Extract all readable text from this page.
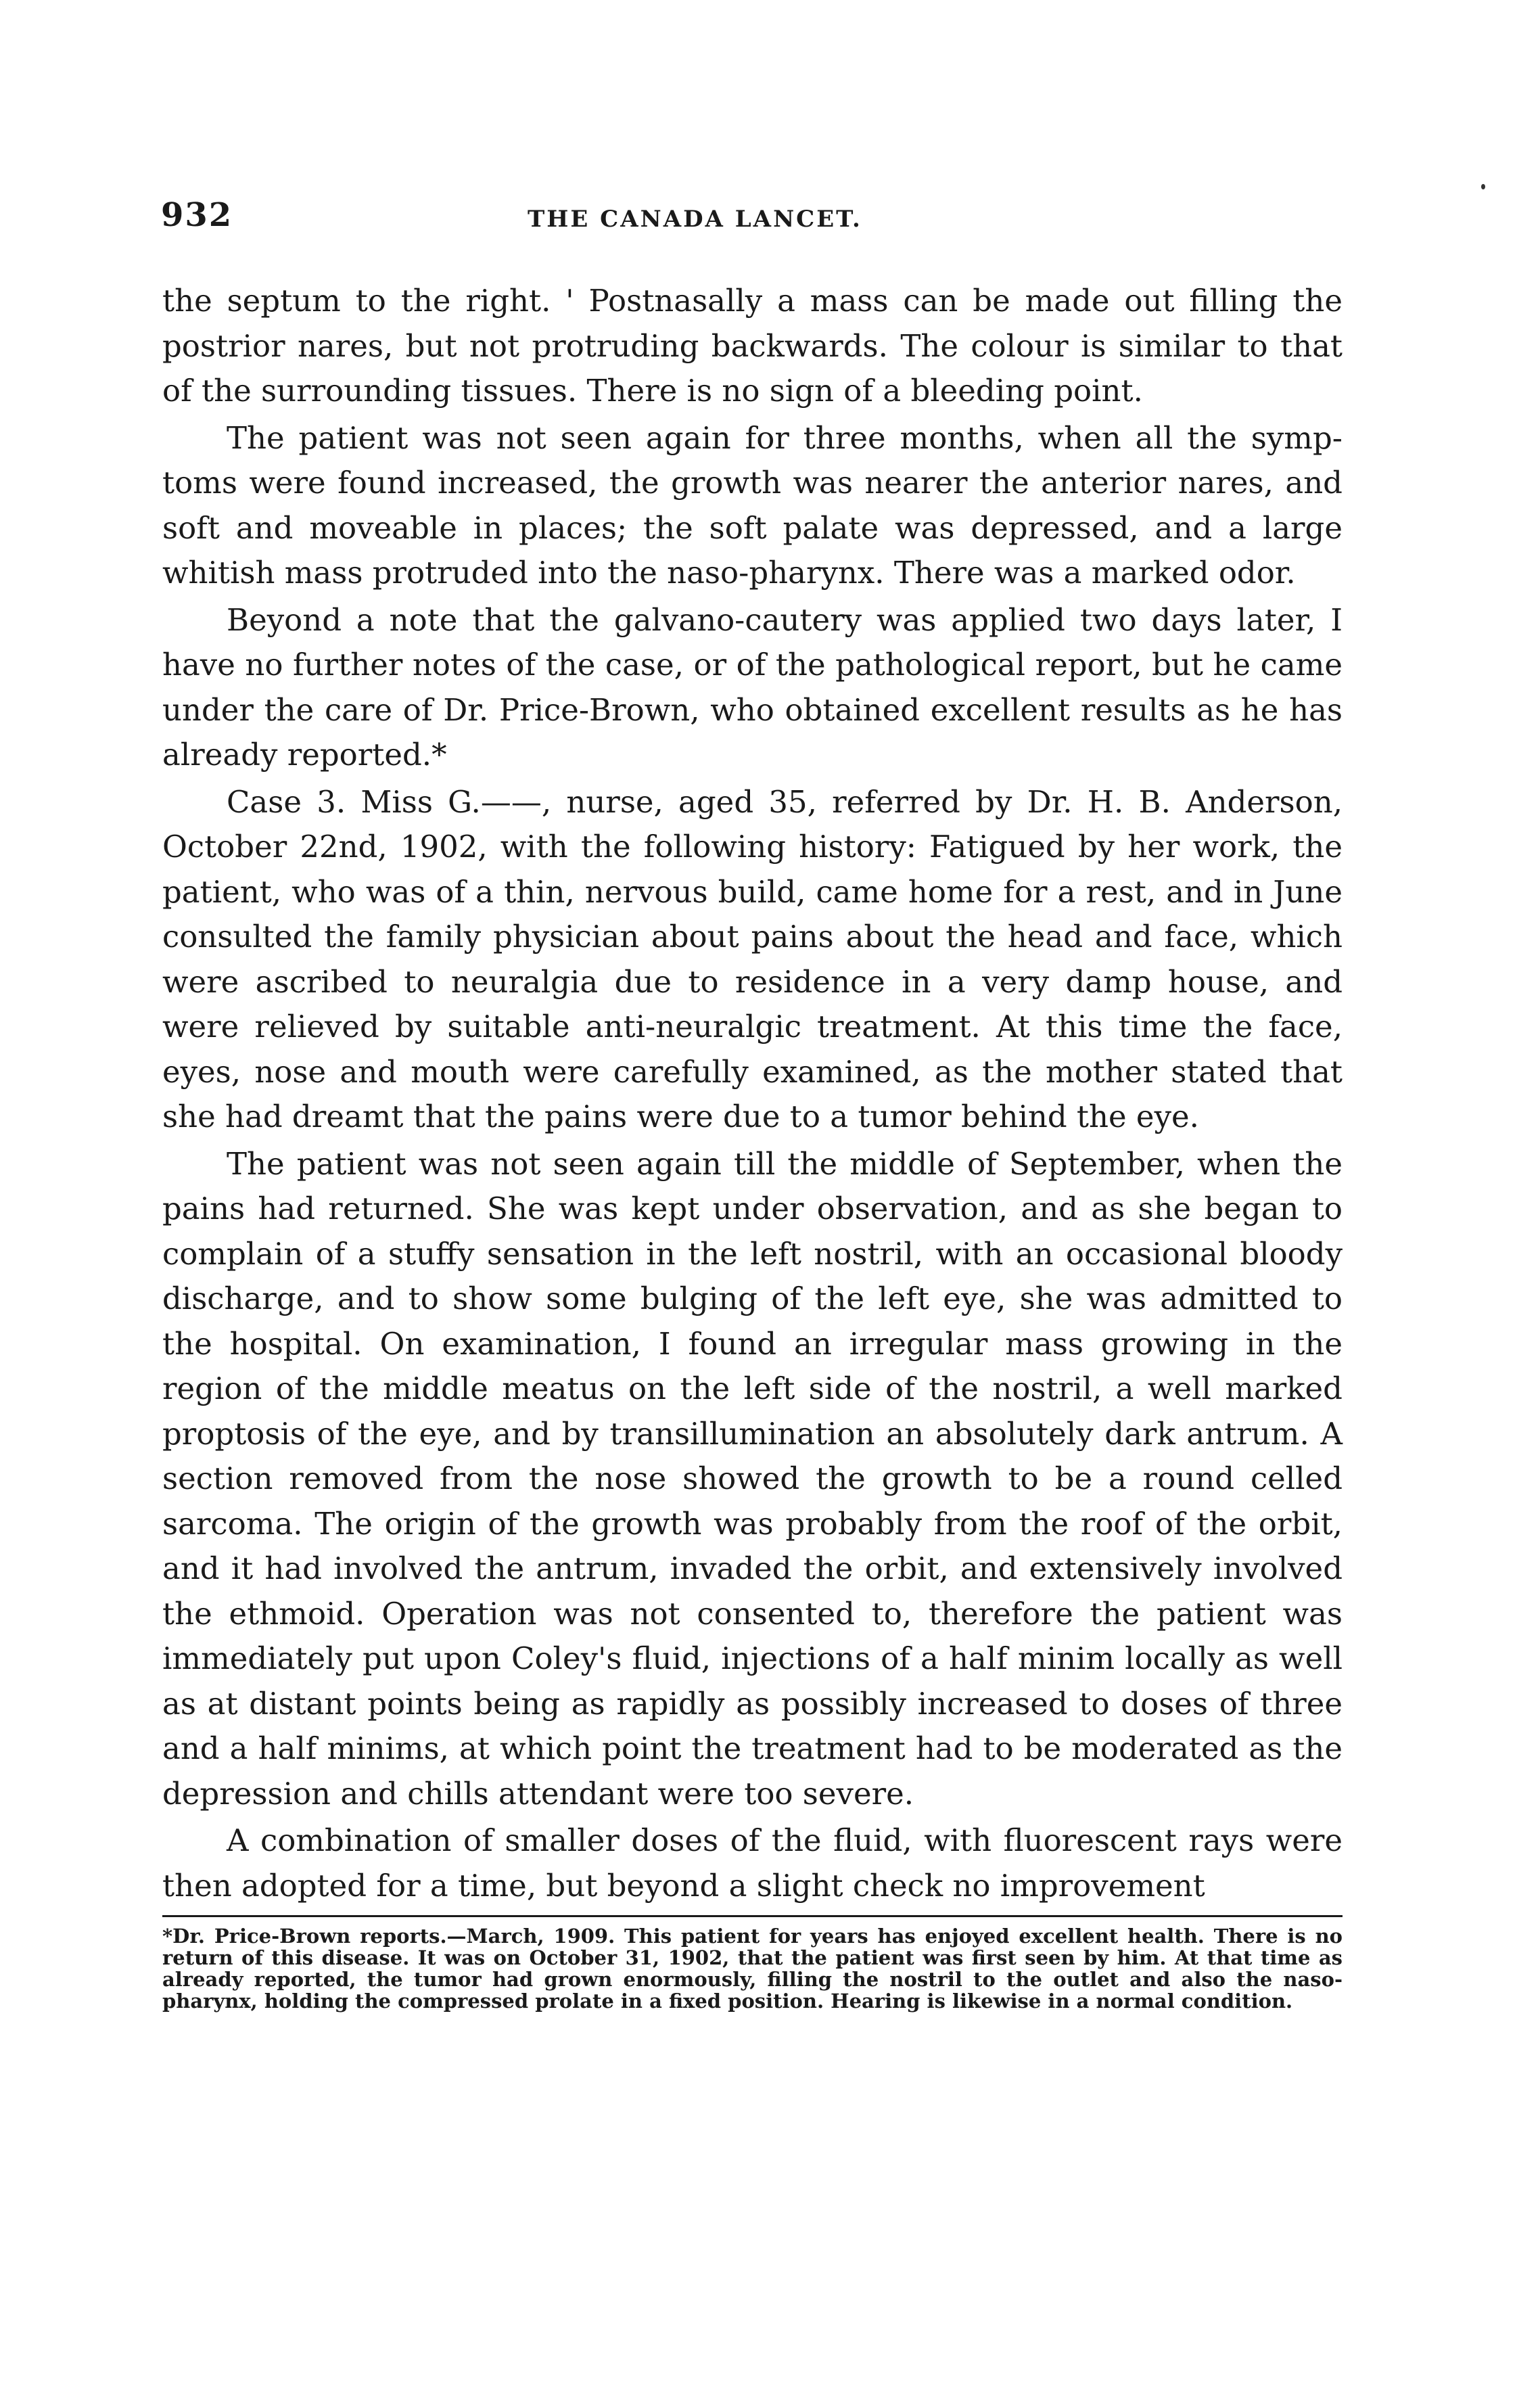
932	THE CANADA LANCET.

the septum to the right. ' Postnasally a mass can be made out filling the postrior nares, but not protruding backwards. The colour is similar to that of the surrounding tissues. There is no sign of a bleeding point.

The patient was not seen again for three months, when all the symptoms were found increased, the growth was nearer the anterior nares, and soft and moveable in places; the soft palate was depressed, and a large whitish mass protruded into the naso-pharynx. There was a marked odor.

Beyond a note that the galvano-cautery was applied two days later, I have no further notes of the case, or of the pathological report, but he came under the care of Dr. Price-Brown, who obtained excellent results as he has already reported.*

Case 3. Miss G.——, nurse, aged 35, referred by Dr. H. B. Anderson, October 22nd, 1902, with the following history: Fatigued by her work, the patient, who was of a thin, nervous build, came home for a rest, and in June consulted the family physician about pains about the head and face, which were ascribed to neuralgia due to residence in a very damp house, and were relieved by suitable anti-neuralgic treatment. At this time the face, eyes, nose and mouth were carefully examined, as the mother stated that she had dreamt that the pains were due to a tumor behind the eye.

The patient was not seen again till the middle of September, when the pains had returned. She was kept under observation, and as she began to complain of a stuffy sensation in the left nostril, with an occasional bloody discharge, and to show some bulging of the left eye, she was admitted to the hospital. On examination, I found an irregular mass growing in the region of the middle meatus on the left side of the nostril, a well marked proptosis of the eye, and by transillumination an absolutely dark antrum. A section removed from the nose showed the growth to be a round celled sarcoma. The origin of the growth was probably from the roof of the orbit, and it had involved the antrum, invaded the orbit, and extensively involved the ethmoid. Operation was not consented to, therefore the patient was immediately put upon Coley's fluid, injections of a half minim locally as well as at distant points being as rapidly as possibly increased to doses of three and a half minims, at which point the treatment had to be moderated as the depression and chills attendant were too severe.

A combination of smaller doses of the fluid, with fluorescent rays were then adopted for a time, but beyond a slight check no improvement

*Dr. Price-Brown reports.—March, 1909. This patient for years has enjoyed excellent health. There is no return of this disease. It was on October 31, 1902, that the patient was first seen by him. At that time as already reported, the tumor had grown enormously, filling the nostril to the outlet and also the naso-pharynx, holding the compressed prolate in a fixed position. Hearing is likewise in a normal condition.
